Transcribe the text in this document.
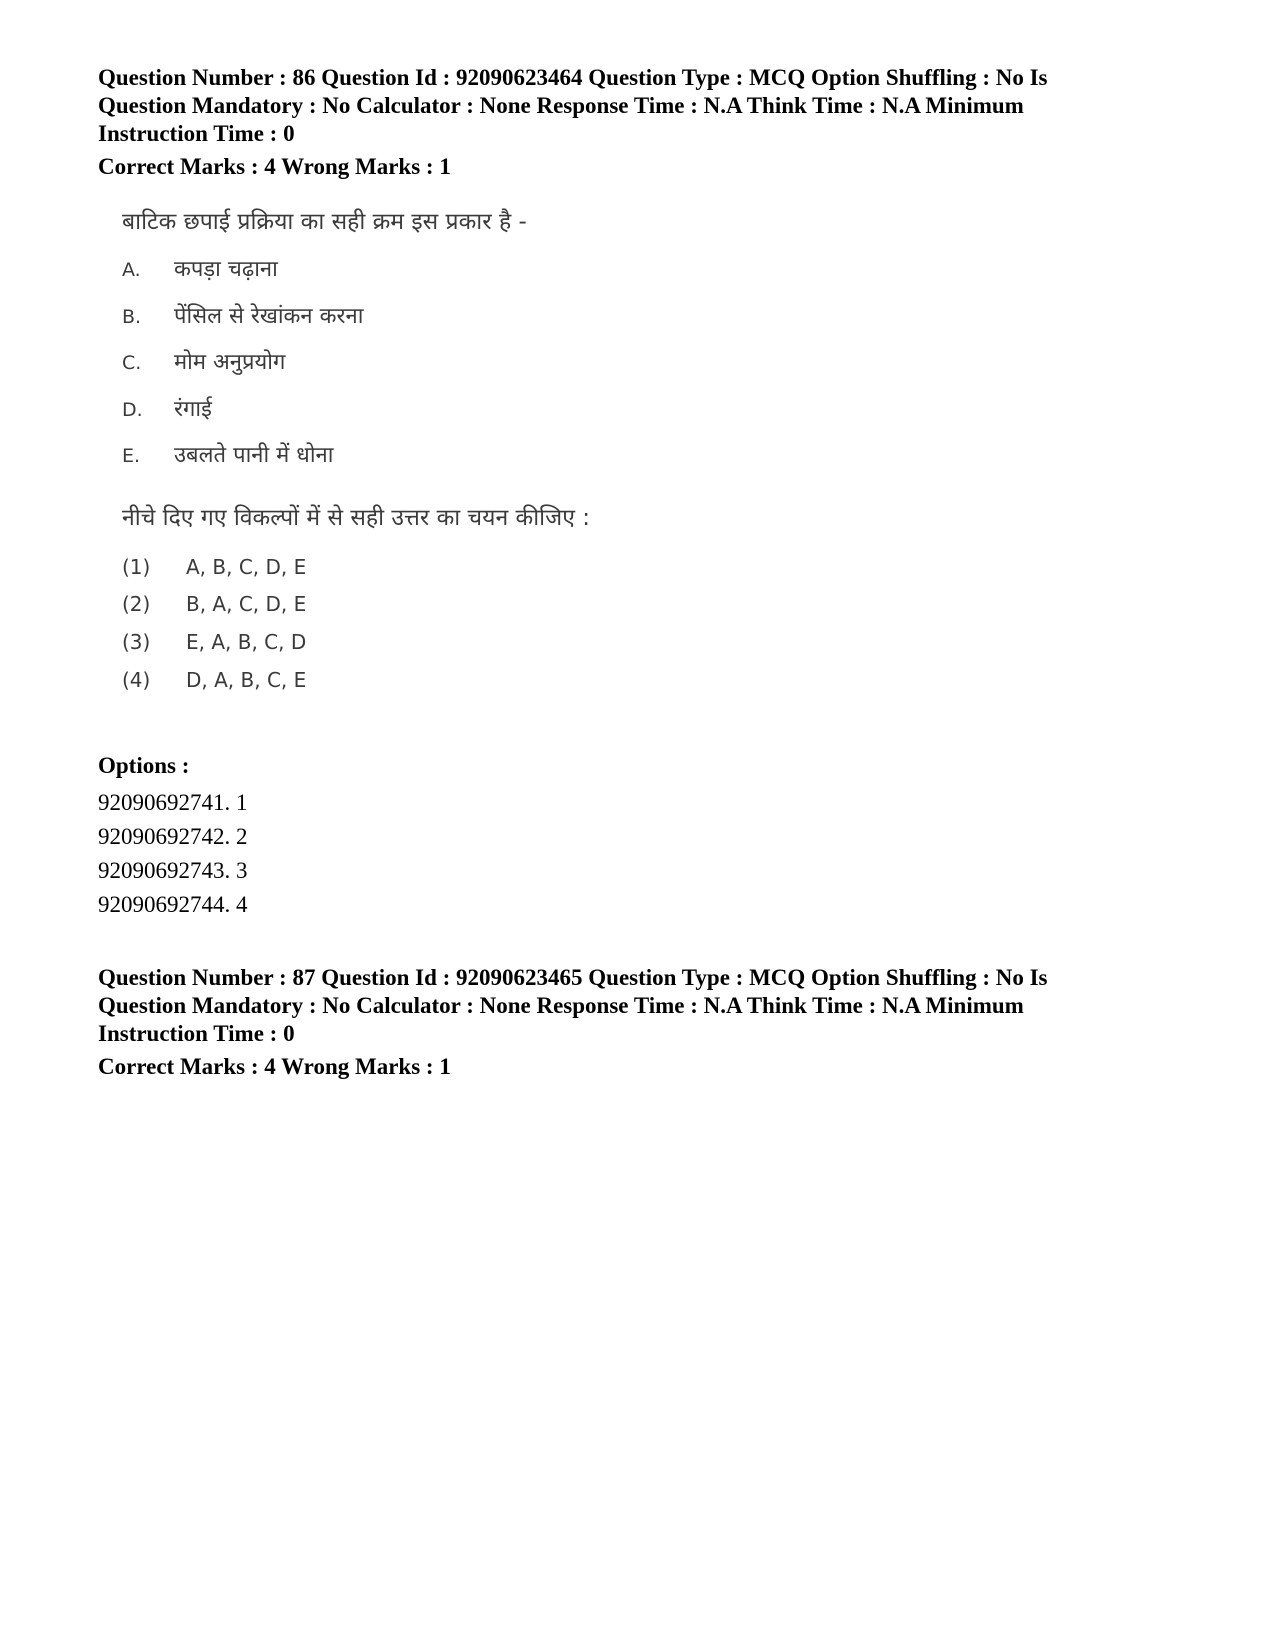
Question Number : 86 Question Id : 92090623464 Question Type : MCQ Option Shuffling : No Is
Question Mandatory : No Calculator : None Response Time : N.A Think Time : N.A Minimum
Instruction Time : 0
Correct Marks : 4 Wrong Marks : 1
बाटिक छपाई प्रक्रिया का सही क्रम इस प्रकार है -
A. कपड़ा चढ़ाना
B. पेंसिल से रेखांकन करना
C. मोम अनुप्रयोग
D. रंगाई
E. उबलते पानी में धोना
नीचे दिए गए विकल्पों में से सही उत्तर का चयन कीजिए :
(1) A, B, C, D, E
(2) B, A, C, D, E
(3) E, A, B, C, D
(4) D, A, B, C, E
Options :
92090692741. 1
92090692742. 2
92090692743. 3
92090692744. 4
Question Number : 87 Question Id : 92090623465 Question Type : MCQ Option Shuffling : No Is
Question Mandatory : No Calculator : None Response Time : N.A Think Time : N.A Minimum
Instruction Time : 0
Correct Marks : 4 Wrong Marks : 1
